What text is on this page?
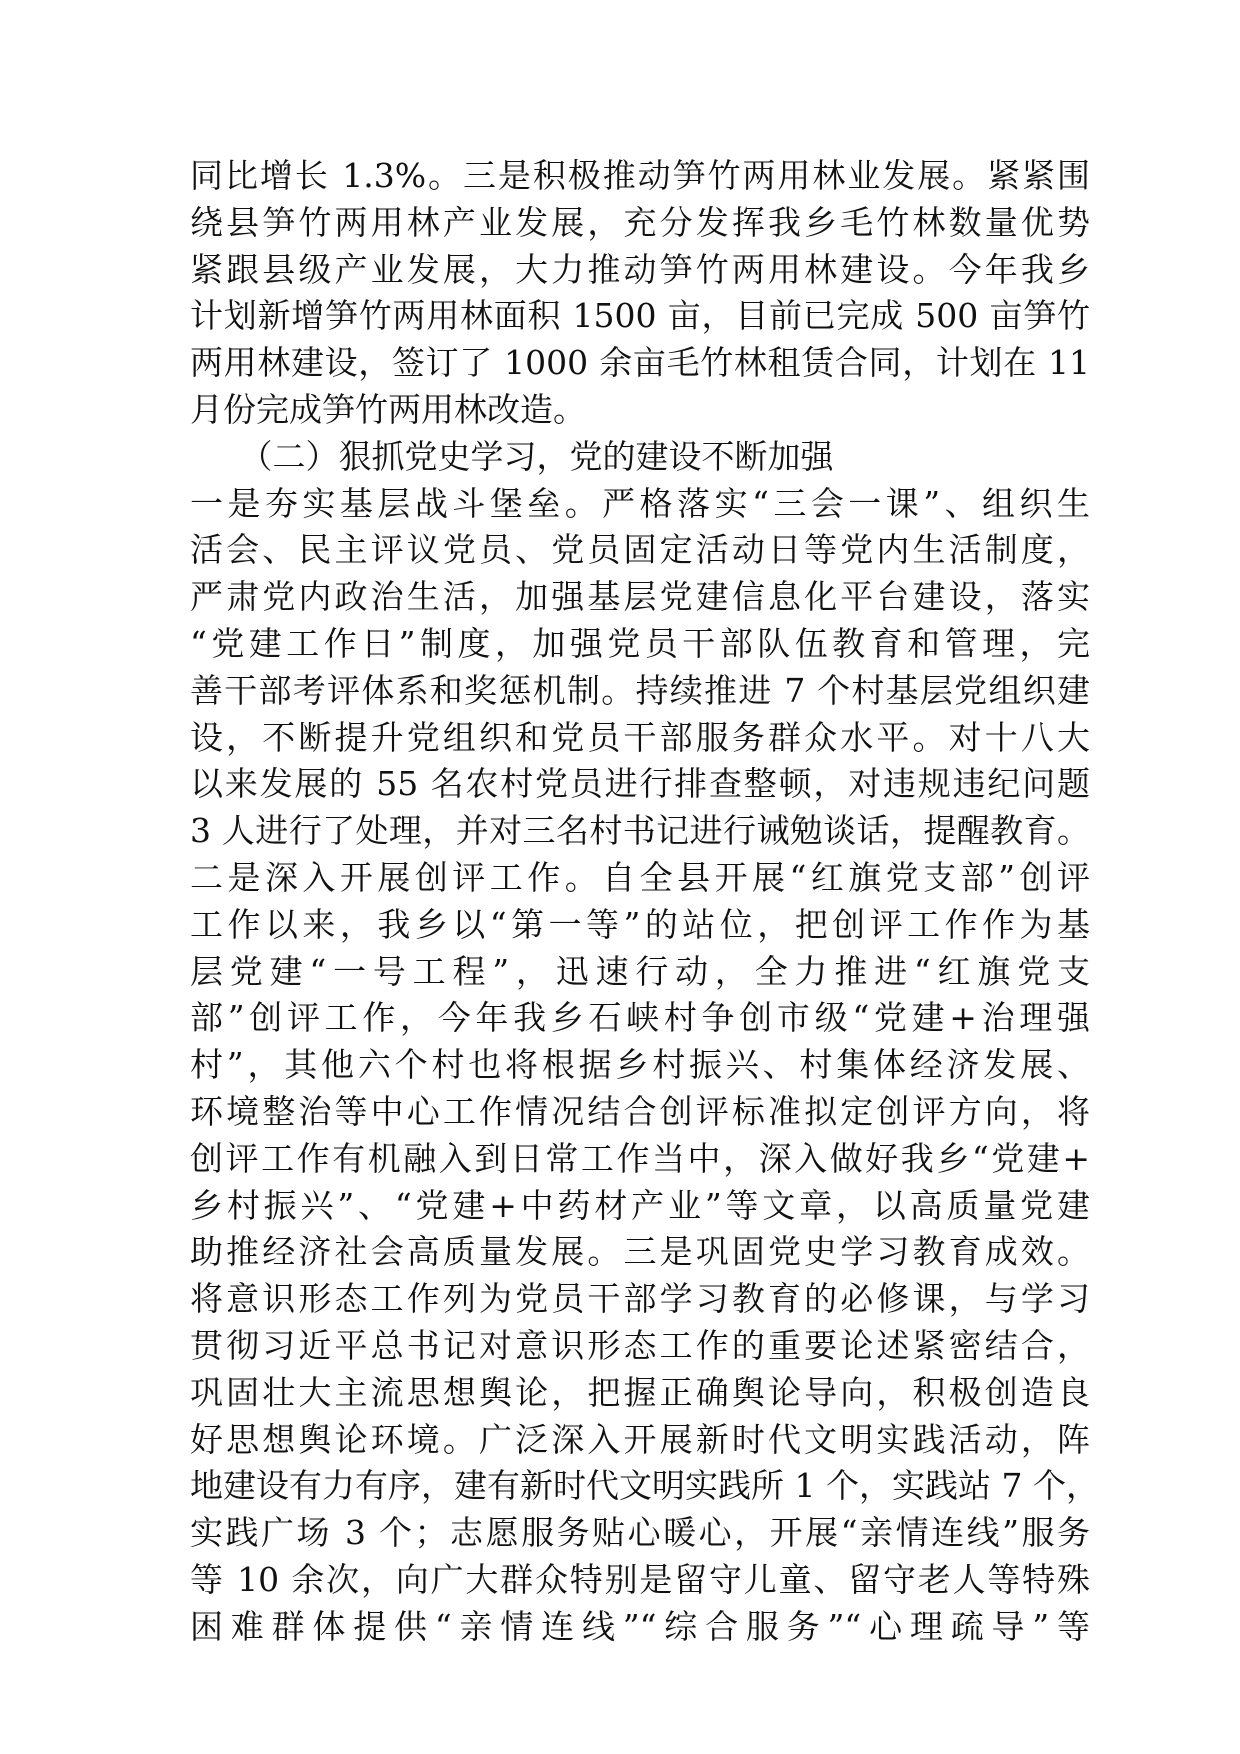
同比增长 1.3%。三是积极推动笋竹两用林业发展。紧紧围
绕县笋竹两用林产业发展，充分发挥我乡毛竹林数量优势
紧跟县级产业发展，大力推动笋竹两用林建设。今年我乡
计划新增笋竹两用林面积 1500 亩，目前已完成 500 亩笋竹
两用林建设，签订了 1000 余亩毛竹林租赁合同，计划在 11
月份完成笋竹两用林改造。
　　（二）狠抓党史学习，党的建设不断加强
一是夯实基层战斗堡垒。严格落实“三会一课”、组织生
活会、民主评议党员、党员固定活动日等党内生活制度，
严肃党内政治生活，加强基层党建信息化平台建设，落实
“党建工作日”制度，加强党员干部队伍教育和管理，完
善干部考评体系和奖惩机制。持续推进 7 个村基层党组织建
设，不断提升党组织和党员干部服务群众水平。对十八大
以来发展的 55 名农村党员进行排查整顿，对违规违纪问题
3 人进行了处理，并对三名村书记进行诫勉谈话，提醒教育。
二是深入开展创评工作。自全县开展“红旗党支部”创评
工作以来，我乡以“第一等”的站位，把创评工作作为基
层党建“一号工程”，迅速行动，全力推进“红旗党支
部”创评工作，今年我乡石峡村争创市级“党建+治理强
村”，其他六个村也将根据乡村振兴、村集体经济发展、
环境整治等中心工作情况结合创评标准拟定创评方向，将
创评工作有机融入到日常工作当中，深入做好我乡“党建+
乡村振兴”、“党建+中药材产业”等文章，以高质量党建
助推经济社会高质量发展。三是巩固党史学习教育成效。
将意识形态工作列为党员干部学习教育的必修课，与学习
贯彻习近平总书记对意识形态工作的重要论述紧密结合，
巩固壮大主流思想舆论，把握正确舆论导向，积极创造良
好思想舆论环境。广泛深入开展新时代文明实践活动，阵
地建设有力有序，建有新时代文明实践所 1 个，实践站 7 个，
实践广场 3 个；志愿服务贴心暖心，开展“亲情连线”服务
等 10 余次，向广大群众特别是留守儿童、留守老人等特殊
困难群体提供“亲情连线”“综合服务”“心理疏导”等
